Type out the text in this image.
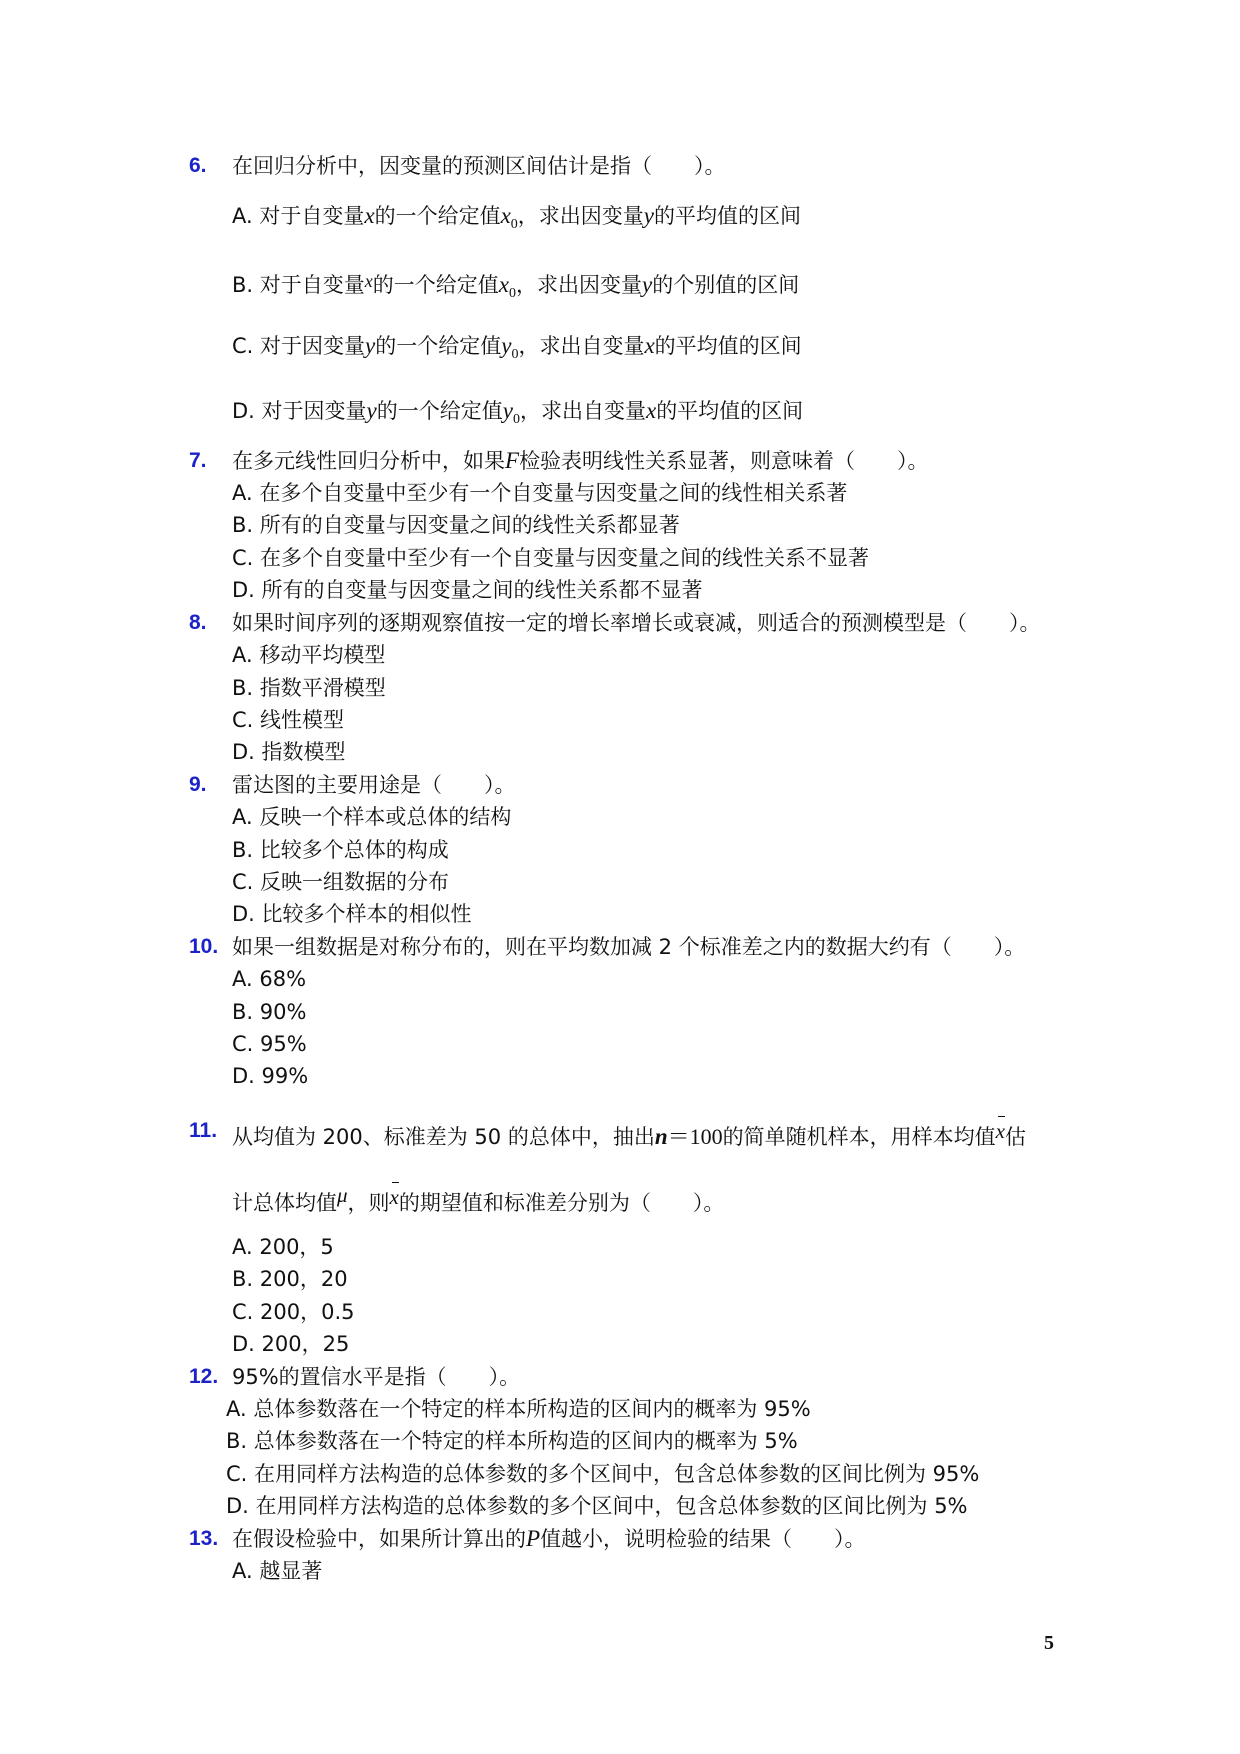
6.	在回归分析中，因变量的预测区间估计是指（　　）。
A. 对于自变量x的一个给定值$x_0$，求出因变量y的平均值的区间
B. 对于自变量x的一个给定值$x_0$，求出因变量y的个别值的区间
C. 对于因变量y的一个给定值$y_0$，求出自变量x的平均值的区间
D. 对于因变量y的一个给定值$y_0$，求出自变量x的平均值的区间
7.	在多元线性回归分析中，如果F检验表明线性关系显著，则意味着（　　）。
A. 在多个自变量中至少有一个自变量与因变量之间的线性相关系著
B. 所有的自变量与因变量之间的线性关系都显著
C. 在多个自变量中至少有一个自变量与因变量之间的线性关系不显著
D. 所有的自变量与因变量之间的线性关系都不显著
8.	如果时间序列的逐期观察值按一定的增长率增长或衰减，则适合的预测模型是（　　）。
A. 移动平均模型
B. 指数平滑模型
C. 线性模型
D. 指数模型
9.	雷达图的主要用途是（　　）。
A. 反映一个样本或总体的结构
B. 比较多个总体的构成
C. 反映一组数据的分布
D. 比较多个样本的相似性
10. 如果一组数据是对称分布的，则在平均数加减 2 个标准差之内的数据大约有（　　）。
A. 68%
B. 90%
C. 95%
D. 99%
11. 从均值为 200、标准差为 50 的总体中，抽出n＝100的简单随机样本，用样本均值x估
计总体均值μ，则x的期望值和标准差分别为（　　）。
A. 200，5
B. 200，20
C. 200，0.5
D. 200，25
12. 95%的置信水平是指（　　）。
A. 总体参数落在一个特定的样本所构造的区间内的概率为 95%
B. 总体参数落在一个特定的样本所构造的区间内的概率为 5%
C. 在用同样方法构造的总体参数的多个区间中，包含总体参数的区间比例为 95%
D. 在用同样方法构造的总体参数的多个区间中，包含总体参数的区间比例为 5%
13. 在假设检验中，如果所计算出的P值越小，说明检验的结果（　　）。
A. 越显著
5
